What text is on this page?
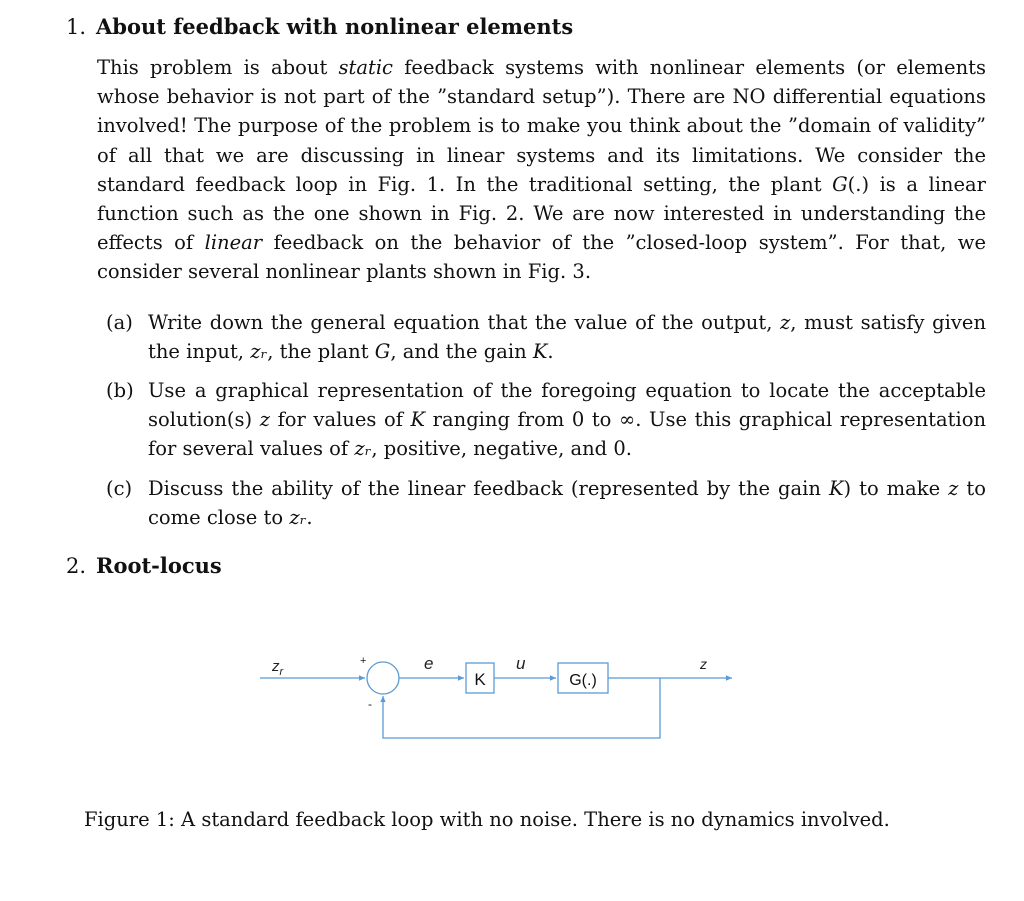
1. About feedback with nonlinear elements

This problem is about static feedback systems with nonlinear elements (or elements whose behavior is not part of the ”standard setup”). There are NO differential equations involved! The purpose of the problem is to make you think about the ”domain of validity” of all that we are discussing in linear systems and its limitations. We consider the standard feedback loop in Fig. 1. In the traditional setting, the plant G(.) is a linear function such as the one shown in Fig. 2. We are now interested in understanding the effects of linear feedback on the behavior of the ”closed-loop system”. For that, we consider several nonlinear plants shown in Fig. 3.

(a) Write down the general equation that the value of the output, z, must satisfy given the input, zᵣ, the plant G, and the gain K.
(b) Use a graphical representation of the foregoing equation to locate the acceptable solution(s) z for values of K ranging from 0 to ∞. Use this graphical representation for several values of zᵣ, positive, negative, and 0.
(c) Discuss the ability of the linear feedback (represented by the gain K) to make z to come close to zᵣ.
2. Root-locus
$z_r$
+
-
e
K
u
G(.)
z

Figure 1: A standard feedback loop with no noise. There is no dynamics involved.
